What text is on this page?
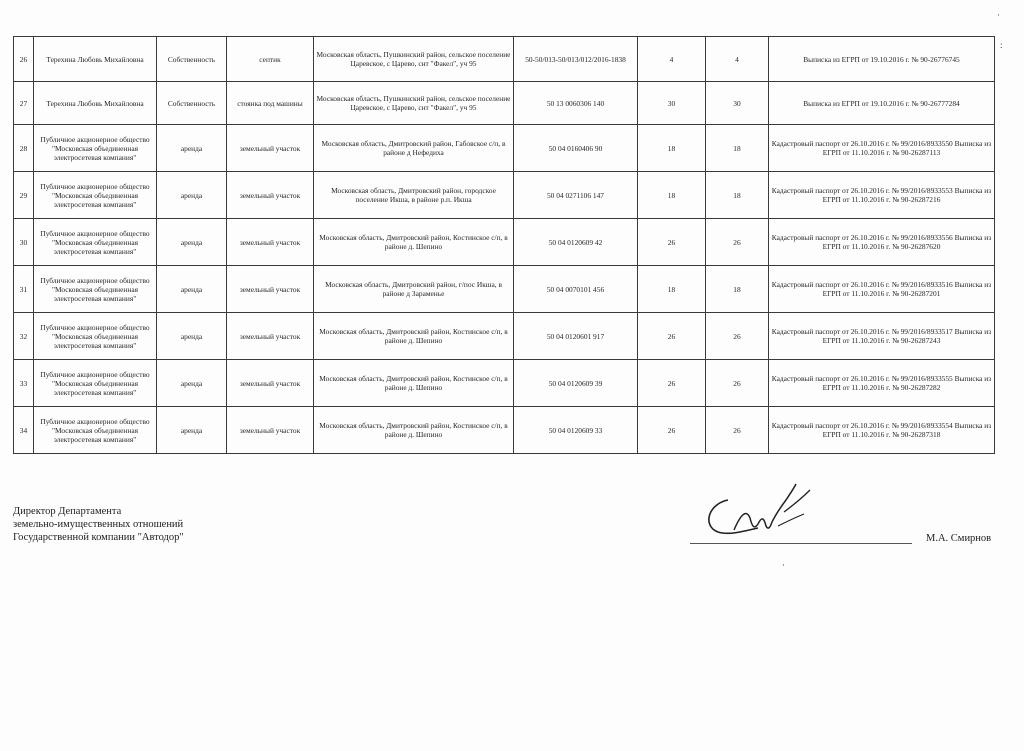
·
:
26	Терехина Любовь Михайловна	Собственность	септик	Московская область, Пушкинский район, сельское поселение Царевское, с Царево, снт "Факел", уч 95	50-50/013-50/013/012/2016-1838	4	4	Выписка из ЕГРП от 19.10.2016 г. № 90-26776745
27	Терехина Любовь Михайловна	Собственность	стоянка под машины	Московская область, Пушкинский район, сельское поселение Царевское, с Царево, снт "Факел", уч 95	50 13 0060306 140	30	30	Выписка из ЕГРП от 19.10.2016 г. № 90-26777284
28	Публичное акционерное общество "Московская объединенная электросетевая компания"	аренда	земельный участок	Московская область, Дмитровский район, Габовское с/п, в районе д Нефедиха	50 04 0160406 90	18	18	Кадастровый паспорт от 26.10.2016 г. № 99/2016/8933550 Выписка из ЕГРП от 11.10.2016 г. № 90-26287113
29	Публичное акционерное общество "Московская объединенная электросетевая компания"	аренда	земельный участок	Московская область, Дмитровский район, городское поселение Икша, в районе р.п. Икша	50 04 0271106 147	18	18	Кадастровый паспорт от 26.10.2016 г. № 99/2016/8933553 Выписка из ЕГРП от 11.10.2016 г. № 90-26287216
30	Публичное акционерное общество "Московская объединенная электросетевая компания"	аренда	земельный участок	Московская область, Дмитровский район, Костинское с/п, в районе д. Шепино	50 04 0120609 42	26	26	Кадастровый паспорт от 26.10.2016 г. № 99/2016/8933556 Выписка из ЕГРП от 11.10.2016 г. № 90-26287620
31	Публичное акционерное общество "Московская объединенная электросетевая компания"	аренда	земельный участок	Московская область, Дмитровский район, г/пос Икша, в районе д Зараменье	50 04 0070101 456	18	18	Кадастровый паспорт от 26.10.2016 г. № 99/2016/8933516 Выписка из ЕГРП от 11.10.2016 г. № 90-26287201
32	Публичное акционерное общество "Московская объединенная электросетевая компания"	аренда	земельный участок	Московская область, Дмитровский район, Костинское с/п, в районе д. Шепино	50 04 0120601 917	26	26	Кадастровый паспорт от 26.10.2016 г. № 99/2016/8933517 Выписка из ЕГРП от 11.10.2016 г. № 90-26287243
33	Публичное акционерное общество "Московская объединенная электросетевая компания"	аренда	земельный участок	Московская область, Дмитровский район, Костинское с/п, в районе д. Шепино	50 04 0120609 39	26	26	Кадастровый паспорт от 26.10.2016 г. № 99/2016/8933555 Выписка из ЕГРП от 11.10.2016 г. № 90-26287282
34	Публичное акционерное общество "Московская объединенная электросетевая компания"	аренда	земельный участок	Московская область, Дмитровский район, Костинское с/п, в районе д. Шепино	50 04 0120609 33	26	26	Кадастровый паспорт от 26.10.2016 г. № 99/2016/8933554 Выписка из ЕГРП от 11.10.2016 г. № 90-26287318
Директор Департамента
земельно-имущественных отношений
Государственной компании "Автодор"	М.А. Смирнов
·
